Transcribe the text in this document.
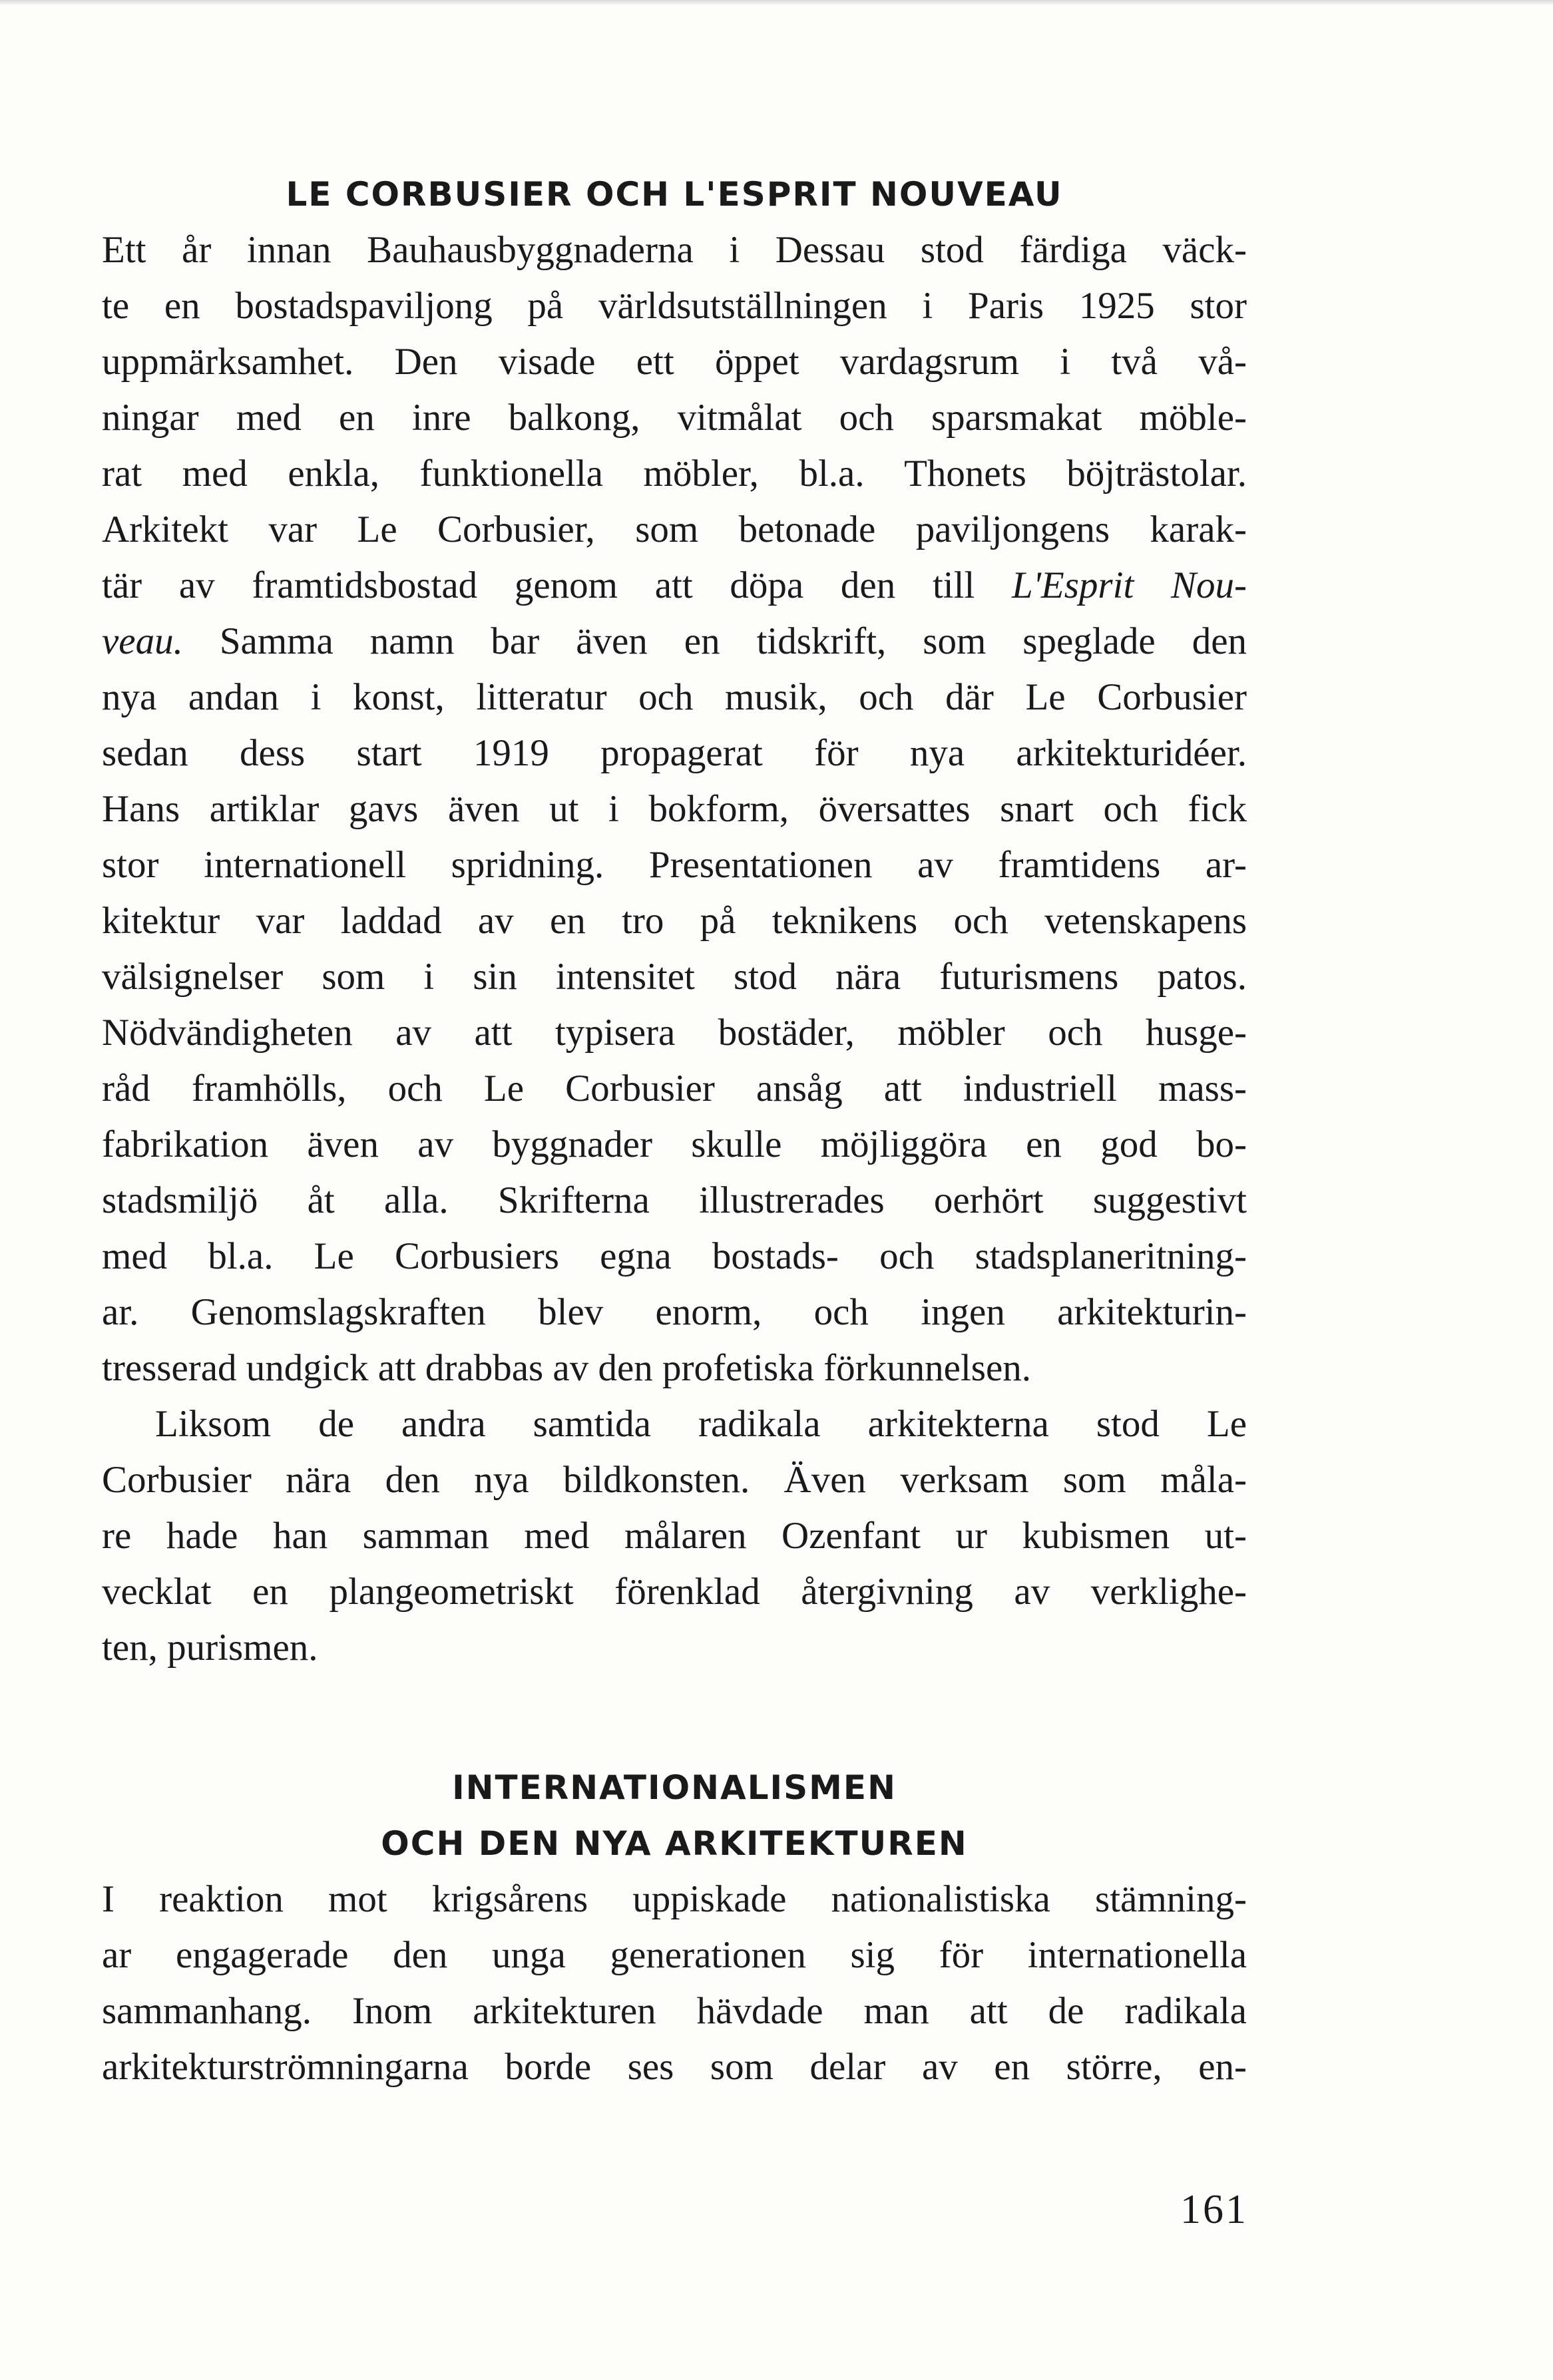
LE CORBUSIER OCH L'ESPRIT NOUVEAU
Ett år innan Bauhausbyggnaderna i Dessau stod färdiga väck-
te en bostadspaviljong på världsutställningen i Paris 1925 stor
uppmärksamhet. Den visade ett öppet vardagsrum i två vå-
ningar med en inre balkong, vitmålat och sparsmakat möble-
rat med enkla, funktionella möbler, bl.a. Thonets böjträstolar.
Arkitekt var Le Corbusier, som betonade paviljongens karak-
tär av framtidsbostad genom att döpa den till L'Esprit Nou-
veau. Samma namn bar även en tidskrift, som speglade den
nya andan i konst, litteratur och musik, och där Le Corbusier
sedan dess start 1919 propagerat för nya arkitekturidéer.
Hans artiklar gavs även ut i bokform, översattes snart och fick
stor internationell spridning. Presentationen av framtidens ar-
kitektur var laddad av en tro på teknikens och vetenskapens
välsignelser som i sin intensitet stod nära futurismens patos.
Nödvändigheten av att typisera bostäder, möbler och husge-
råd framhölls, och Le Corbusier ansåg att industriell mass-
fabrikation även av byggnader skulle möjliggöra en god bo-
stadsmiljö åt alla. Skrifterna illustrerades oerhört suggestivt
med bl.a. Le Corbusiers egna bostads- och stadsplaneritning-
ar. Genomslagskraften blev enorm, och ingen arkitekturin-
tresserad undgick att drabbas av den profetiska förkunnelsen.
Liksom de andra samtida radikala arkitekterna stod Le
Corbusier nära den nya bildkonsten. Även verksam som måla-
re hade han samman med målaren Ozenfant ur kubismen ut-
vecklat en plangeometriskt förenklad återgivning av verklighe-
ten, purismen.
INTERNATIONALISMEN
OCH DEN NYA ARKITEKTUREN
I reaktion mot krigsårens uppiskade nationalistiska stämning-
ar engagerade den unga generationen sig för internationella
sammanhang. Inom arkitekturen hävdade man att de radikala
arkitekturströmningarna borde ses som delar av en större, en-
161
